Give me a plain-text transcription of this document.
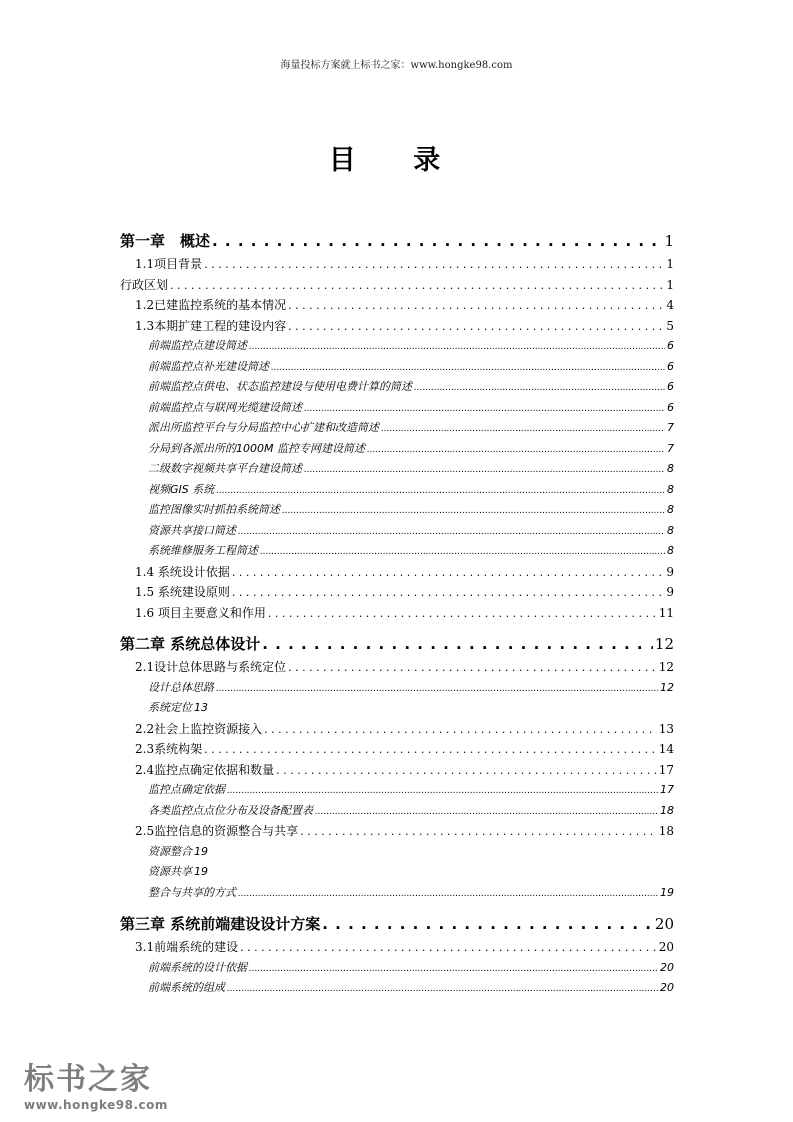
海量投标方案就上标书之家：www.hongke98.com
目 录
第一章　概述 . . .	1
1.1项目背景 . . .	1
行政区划 . . .	1
1.2已建监控系统的基本情况 . . .	4
1.3本期扩建工程的建设内容 . . .	5
前端监控点建设简述 .....	6
前端监控点补光建设简述 .....	6
前端监控点供电、状态监控建设与使用电费计算的简述 .....	6
前端监控点与联网光缆建设简述 .....	6
派出所监控平台与分局监控中心扩建和改造简述 .....	7
分局到各派出所的1000M 监控专网建设简述 .....	7
二级数字视频共享平台建设简述 .....	8
视频GIS 系统 .....	8
监控图像实时抓拍系统简述 .....	8
资源共享接口简述 .....	8
系统维修服务工程简述 .....	8
1.4 系统设计依据 . . .	9
1.5 系统建设原则 . . .	9
1.6 项目主要意义和作用 . . .	11
第二章 系统总体设计 . . .	12
2.1设计总体思路与系统定位 . . .	12
设计总体思路 .....	12
系统定位 13
2.2社会上监控资源接入 . . .	13
2.3系统构架 . . .	14
2.4监控点确定依据和数量 . . .	17
监控点确定依据 .....	17
各类监控点点位分布及设备配置表 .....	18
2.5监控信息的资源整合与共享 . . .	18
资源整合 19
资源共享 19
整合与共享的方式 .....	19
第三章 系统前端建设设计方案 . . .	20
3.1前端系统的建设 . . .	20
前端系统的设计依据 .....	20
前端系统的组成 .....	20
标书之家
www.hongke98.com
